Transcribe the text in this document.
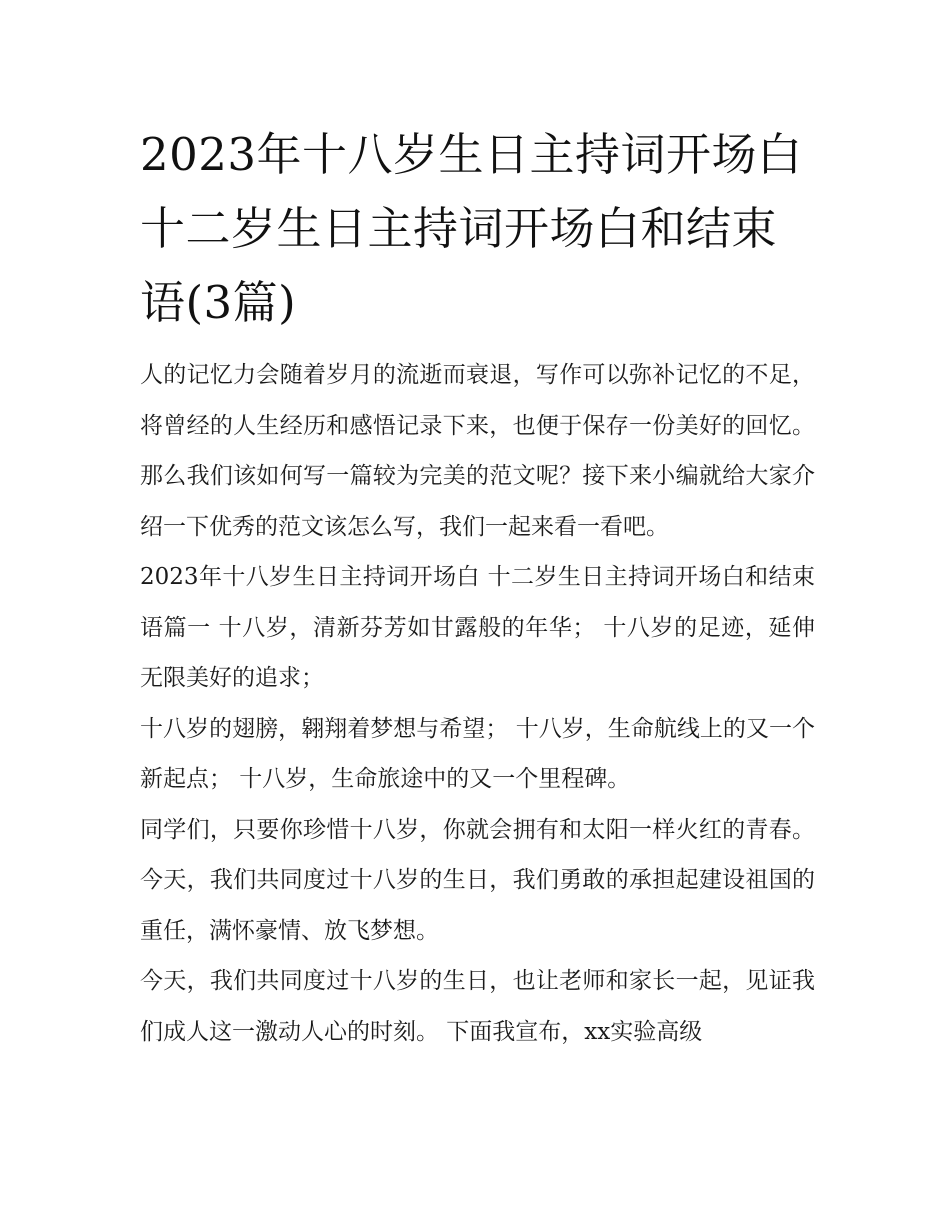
2023年十八岁生日主持词开场白 十二岁生日主持词开场白和结束语(3篇)

人的记忆力会随着岁月的流逝而衰退，写作可以弥补记忆的不足，将曾经的人生经历和感悟记录下来，也便于保存一份美好的回忆。那么我们该如何写一篇较为完美的范文呢？接下来小编就给大家介绍一下优秀的范文该怎么写，我们一起来看一看吧。

2023年十八岁生日主持词开场白 十二岁生日主持词开场白和结束语篇一 十八岁，清新芬芳如甘露般的年华； 十八岁的足迹，延伸无限美好的追求；

十八岁的翅膀，翱翔着梦想与希望； 十八岁，生命航线上的又一个新起点； 十八岁，生命旅途中的又一个里程碑。

同学们，只要你珍惜十八岁，你就会拥有和太阳一样火红的青春。 今天，我们共同度过十八岁的生日，我们勇敢的承担起建设祖国的重任，满怀豪情、放飞梦想。

今天，我们共同度过十八岁的生日，也让老师和家长一起，见证我们成人这一激动人心的时刻。 下面我宣布，xx实验高级
